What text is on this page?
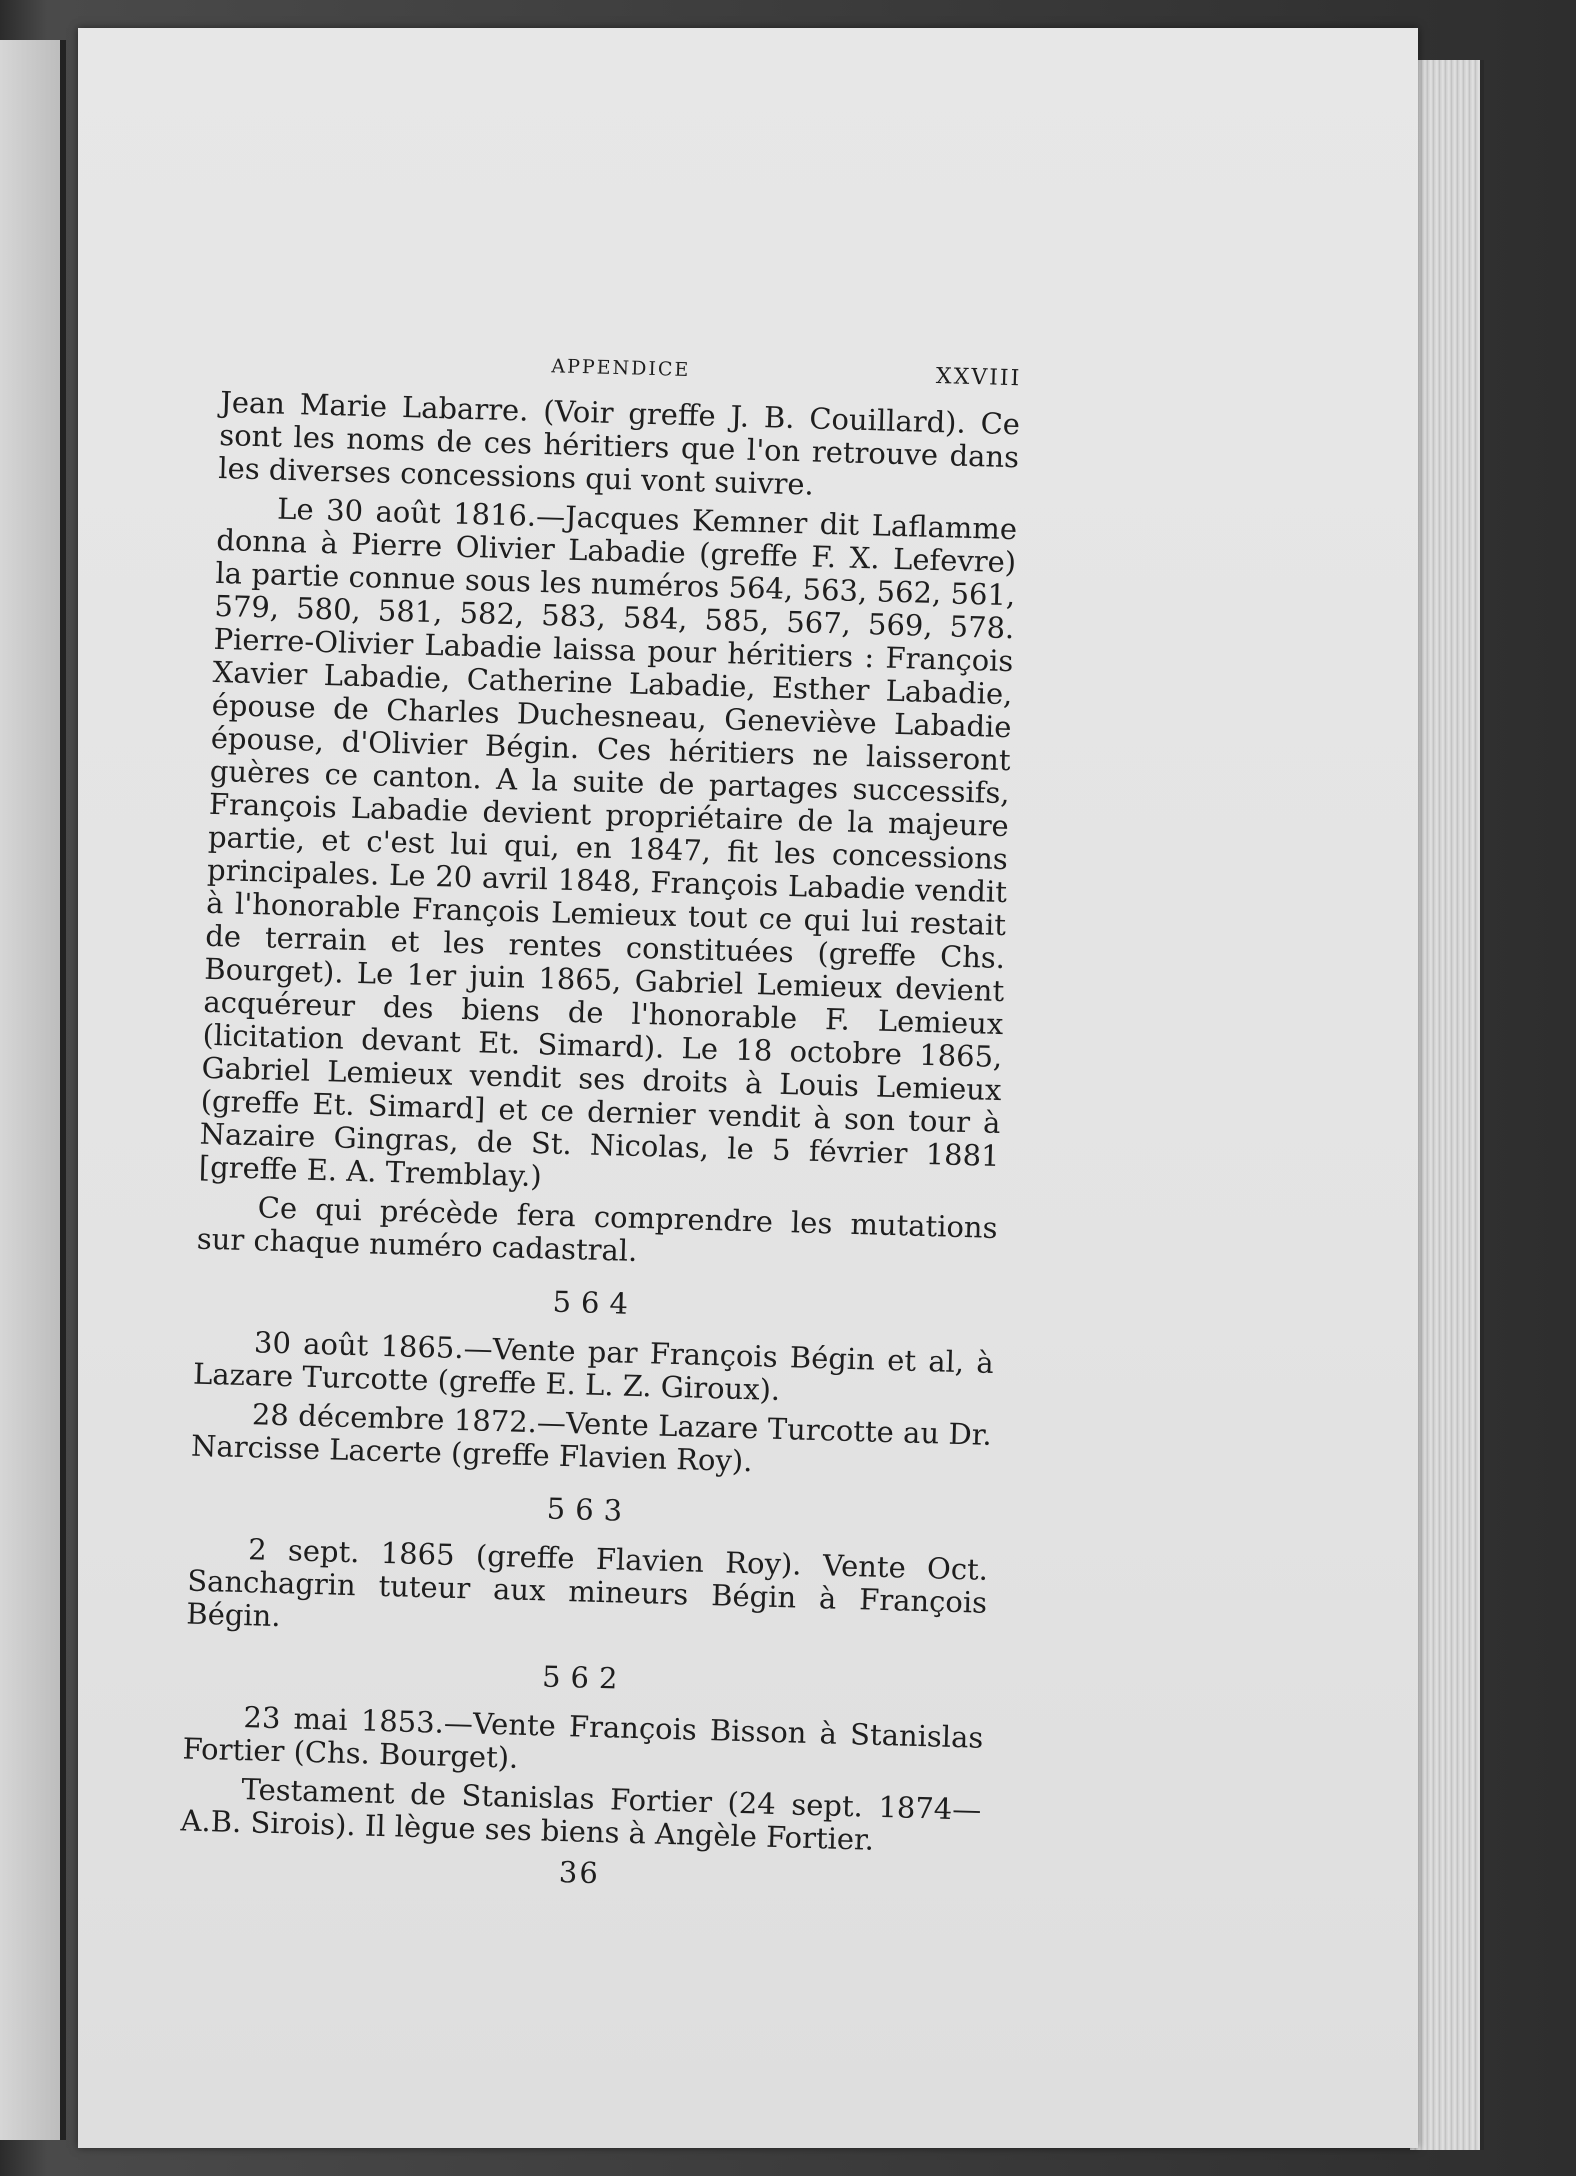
APPENDICE	XXVIII

Jean Marie Labarre. (Voir greffe J. B. Couillard). Ce sont les noms de ces héritiers que l'on retrouve dans les diverses concessions qui vont suivre.

Le 30 août 1816.—Jacques Kemner dit Laflamme donna à Pierre Olivier Labadie (greffe F. X. Lefevre) la partie connue sous les numéros 564, 563, 562, 561, 579, 580, 581, 582, 583, 584, 585, 567, 569, 578. Pierre-Olivier Labadie laissa pour héritiers : François Xavier Labadie, Catherine Labadie, Esther Labadie, épouse de Charles Duchesneau, Geneviève Labadie épouse, d'Olivier Bégin. Ces héritiers ne laisseront guères ce canton. A la suite de partages successifs, François Labadie devient propriétaire de la majeure partie, et c'est lui qui, en 1847, fit les concessions principales. Le 20 avril 1848, François Labadie vendit à l'honorable François Lemieux tout ce qui lui restait de terrain et les rentes constituées (greffe Chs. Bourget). Le 1er juin 1865, Gabriel Lemieux devient acquéreur des biens de l'honorable F. Lemieux (licitation devant Et. Simard). Le 18 octobre 1865, Gabriel Lemieux vendit ses droits à Louis Lemieux (greffe Et. Simard] et ce dernier vendit à son tour à Nazaire Gingras, de St. Nicolas, le 5 février 1881 [greffe E. A. Tremblay.)

Ce qui précède fera comprendre les mutations sur chaque numéro cadastral.

564

30 août 1865.—Vente par François Bégin et al, à Lazare Turcotte (greffe E. L. Z. Giroux).

28 décembre 1872.—Vente Lazare Turcotte au Dr. Narcisse Lacerte (greffe Flavien Roy).

563

2 sept. 1865 (greffe Flavien Roy). Vente Oct. Sanchagrin tuteur aux mineurs Bégin à François Bégin.

562

23 mai 1853.—Vente François Bisson à Stanislas Fortier (Chs. Bourget).

Testament de Stanislas Fortier (24 sept. 1874—A.B. Sirois). Il lègue ses biens à Angèle Fortier.

36
